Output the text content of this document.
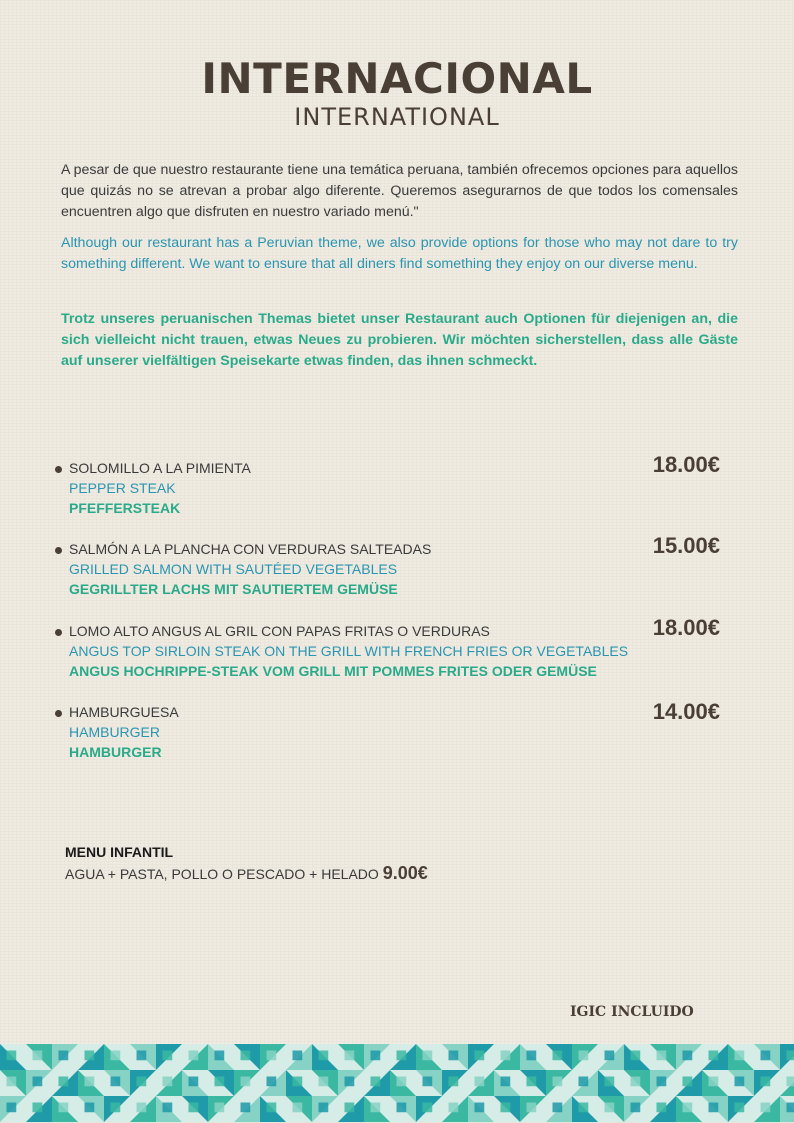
INTERNACIONAL
INTERNATIONAL

A pesar de que nuestro restaurante tiene una temática peruana, también ofrecemos opciones para aquellos que quizás no se atrevan a probar algo diferente. Queremos asegurarnos de que todos los comensales encuentren algo que disfruten en nuestro variado menú."

Although our restaurant has a Peruvian theme, we also provide options for those who may not dare to try something different. We want to ensure that all diners find something they enjoy on our diverse menu.

Trotz unseres peruanischen Themas bietet unser Restaurant auch Optionen für diejenigen an, die sich vielleicht nicht trauen, etwas Neues zu probieren. Wir möchten sicherstellen, dass alle Gäste auf unserer vielfältigen Speisekarte etwas finden, das ihnen schmeckt.

SOLOMILLO A LA PIMIENTA
PEPPER STEAK
PFEFFERSTEAK
18.00€
SALMÓN A LA PLANCHA CON VERDURAS SALTEADAS
GRILLED SALMON WITH SAUTÉED VEGETABLES
GEGRILLTER LACHS MIT SAUTIERTEM GEMÜSE
15.00€
LOMO ALTO ANGUS AL GRIL CON PAPAS FRITAS O VERDURAS
ANGUS TOP SIRLOIN STEAK ON THE GRILL WITH FRENCH FRIES OR VEGETABLES
ANGUS HOCHRIPPE-STEAK VOM GRILL MIT POMMES FRITES ODER GEMÜSE
18.00€
HAMBURGUESA
HAMBURGER
HAMBURGER
14.00€
MENU INFANTIL
AGUA + PASTA, POLLO O PESCADO + HELADO 9.00€
IGIC INCLUIDO
